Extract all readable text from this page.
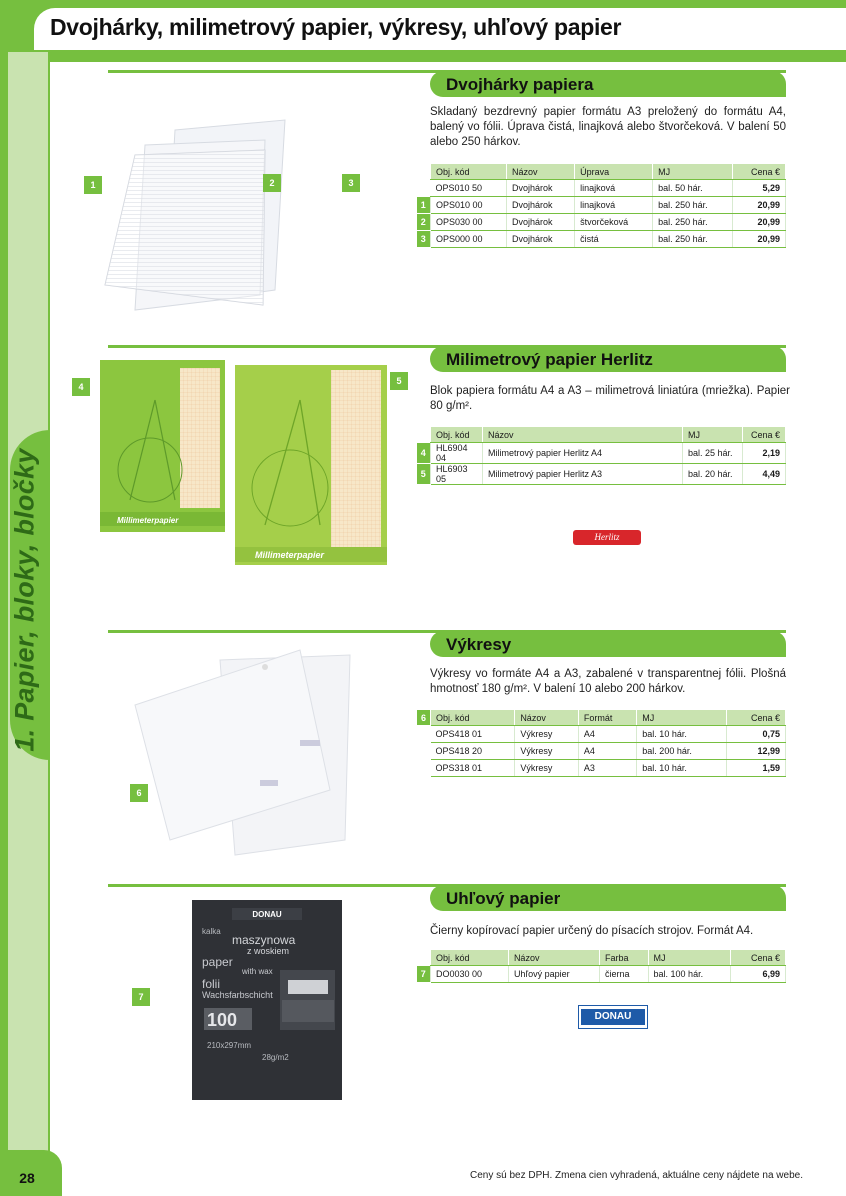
Dvojhárky, milimetrový papier, výkresy, uhľový papier
1. Papier, bloky, bločky
28
Dvojhárky papiera
Skladaný bezdrevný papier formátu A3 preložený do formátu A4, balený vo fólii. Úprava čistá, linajková alebo štvorčeková. V balení 50 alebo 250 hárkov.
1	2	3
	Obj. kód	Názov	Úprava	MJ	Cena €
	OPS010 50	Dvojhárok	linajková	bal. 50 hár.	5,29
1	OPS010 00	Dvojhárok	linajková	bal. 250 hár.	20,99
2	OPS030 00	Dvojhárok	štvorčeková	bal. 250 hár.	20,99
3	OPS000 00	Dvojhárok	čistá	bal. 250 hár.	20,99
Milimetrový papier Herlitz
Blok papiera formátu A4 a A3 – milimetrová liniatúra (mriežka). Papier 80 g/m².
Millimeterpapier
Millimeterpapier
4
5
	Obj. kód	Názov	MJ	Cena €
4	HL6904 04	Milimetrový papier Herlitz A4	bal. 25 hár.	2,19
5	HL6903 05	Milimetrový papier Herlitz A3	bal. 20 hár.	4,49
Herlitz
Výkresy
Výkresy vo formáte A4 a A3, zabalené v transparentnej fólii. Plošná hmotnosť 180 g/m². V balení 10 alebo 200 hárkov.
6
6	Obj. kód	Názov	Formát	MJ	Cena €
	OPS418 01	Výkresy	A4	bal. 10 hár.	0,75
	OPS418 20	Výkresy	A4	bal. 200 hár.	12,99
	OPS318 01	Výkresy	A3	bal. 10 hár.	1,59
Uhľový papier
Čierny kopírovací papier určený do písacích strojov. Formát A4.
DONAU
kalka
maszynowa
z woskiem
paper
with wax
folii
Wachsfarbschicht
100
210x297mm
28g/m2
7
	Obj. kód	Názov	Farba	MJ	Cena €
7	DO0030 00	Uhľový papier	čierna	bal. 100 hár.	6,99
DONAU
Ceny sú bez DPH. Zmena cien vyhradená, aktuálne ceny nájdete na webe.
